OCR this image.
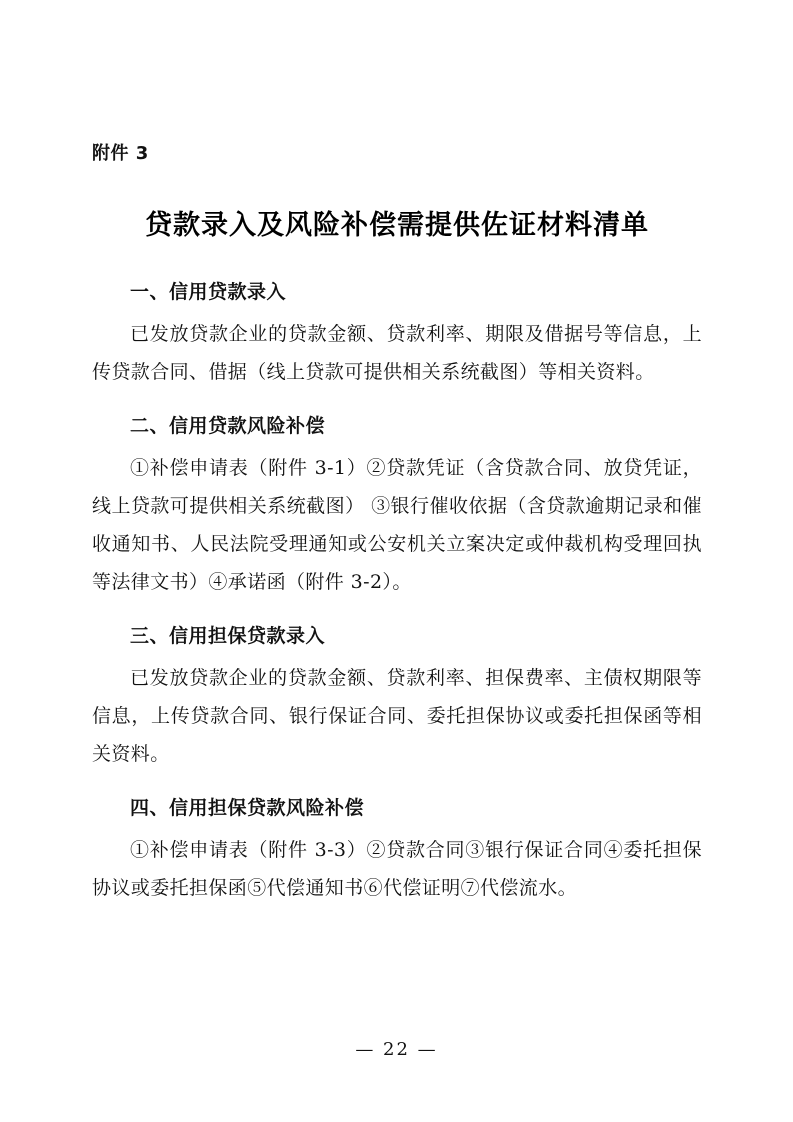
附件 3
贷款录入及风险补偿需提供佐证材料清单
一、信用贷款录入

已发放贷款企业的贷款金额、贷款利率、期限及借据号等信息，上传贷款合同、借据（线上贷款可提供相关系统截图）等相关资料。

二、信用贷款风险补偿

①补偿申请表（附件 3-1）②贷款凭证（含贷款合同、放贷凭证，线上贷款可提供相关系统截图） ③银行催收依据（含贷款逾期记录和催收通知书、人民法院受理通知或公安机关立案决定或仲裁机构受理回执等法律文书）④承诺函（附件 3-2）。

三、信用担保贷款录入

已发放贷款企业的贷款金额、贷款利率、担保费率、主债权期限等信息，上传贷款合同、银行保证合同、委托担保协议或委托担保函等相关资料。

四、信用担保贷款风险补偿

①补偿申请表（附件 3-3）②贷款合同③银行保证合同④委托担保协议或委托担保函⑤代偿通知书⑥代偿证明⑦代偿流水。

— 22 —
